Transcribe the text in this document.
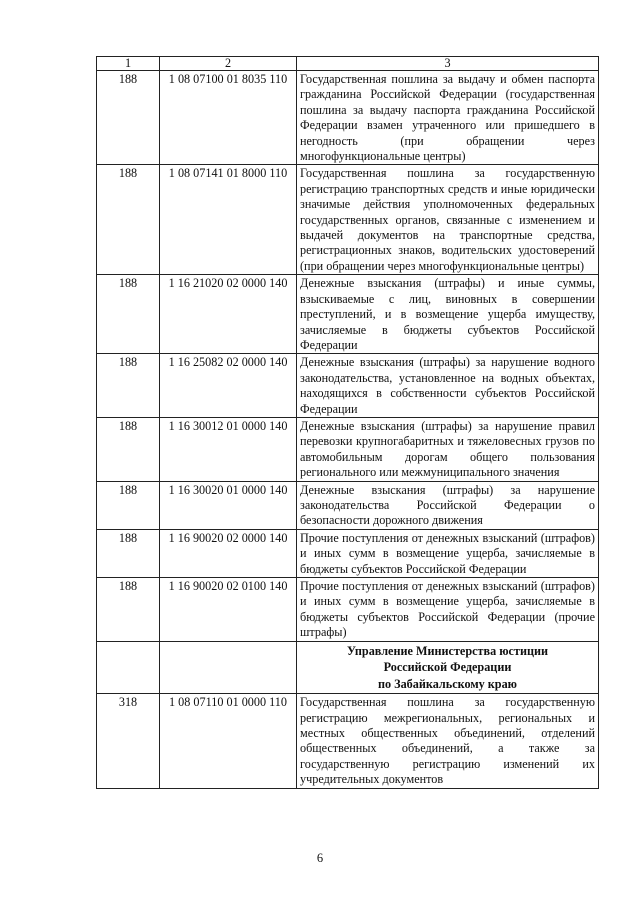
1	2	3
188	1 08 07100 01 8035 110	Государственная пошлина за выдачу и обмен паспорта гражданина Российской Федерации (государственная пошлина за выдачу паспорта гражданина Российской Федерации взамен утраченного или пришедшего в негодность (при обращении через многофункциональные центры)
188	1 08 07141 01 8000 110	Государственная пошлина за государственную регистрацию транспортных средств и иные юридически значимые действия уполномоченных федеральных государственных органов, связанные с изменением и выдачей документов на транспортные средства, регистрационных знаков, водительских удостоверений (при обращении через многофункциональные центры)
188	1 16 21020 02 0000 140	Денежные взыскания (штрафы) и иные суммы, взыскиваемые с лиц, виновных в совершении преступлений, и в возмещение ущерба имуществу, зачисляемые в бюджеты субъектов Российской Федерации
188	1 16 25082 02 0000 140	Денежные взыскания (штрафы) за нарушение водного законодательства, установленное на водных объектах, находящихся в собственности субъектов Российской Федерации
188	1 16 30012 01 0000 140	Денежные взыскания (штрафы) за нарушение правил перевозки крупногабаритных и тяжеловесных грузов по автомобильным дорогам общего пользования регионального или межмуниципального значения
188	1 16 30020 01 0000 140	Денежные взыскания (штрафы) за нарушение законодательства Российской Федерации о безопасности дорожного движения
188	1 16 90020 02 0000 140	Прочие поступления от денежных взысканий (штрафов) и иных сумм в возмещение ущерба, зачисляемые в бюджеты субъектов Российской Федерации
188	1 16 90020 02 0100 140	Прочие поступления от денежных взысканий (штрафов) и иных сумм в возмещение ущерба, зачисляемые в бюджеты субъектов Российской Федерации (прочие штрафы)

		Управление Министерства юстиции
Российской Федерации
по Забайкальскому краю

318	1 08 07110 01 0000 110	Государственная пошлина за государственную регистрацию межрегиональных, региональных и местных общественных объединений, отделений общественных объединений, а также за государственную регистрацию изменений их учредительных документов
6
